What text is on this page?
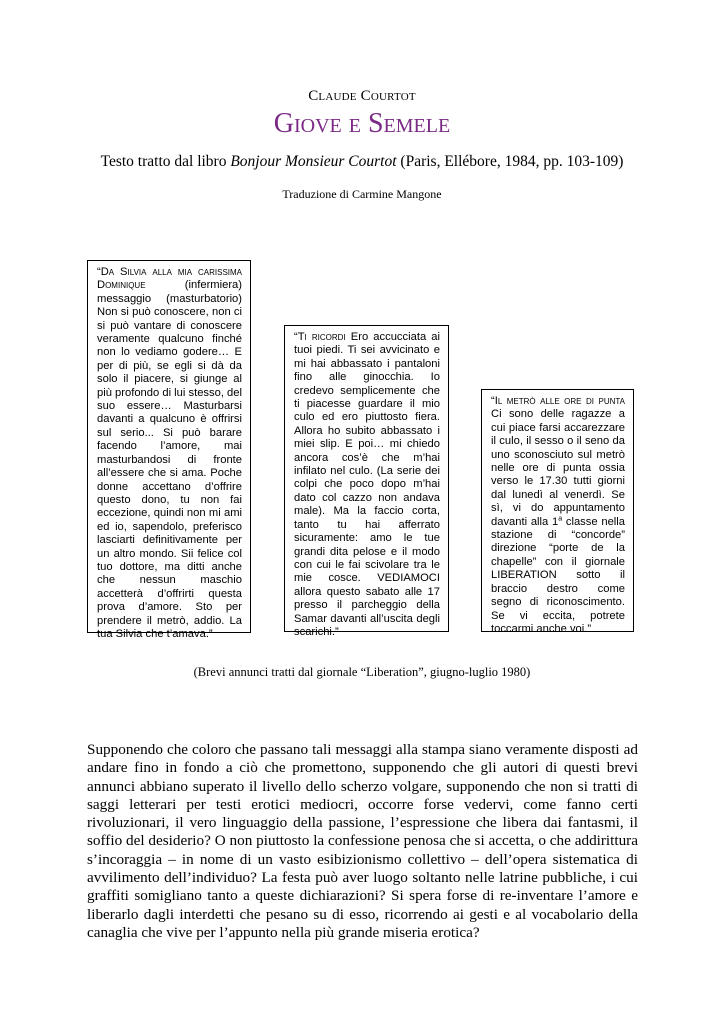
Claude Courtot
Giove e Semele
Testo tratto dal libro Bonjour Monsieur Courtot (Paris, Ellébore, 1984, pp. 103-109)
Traduzione di Carmine Mangone
“Da Silvia alla mia carissima Dominique (infermiera) messaggio (masturbatorio) Non si può conoscere, non ci si può vantare di conoscere veramente qualcuno finché non lo vediamo godere… E per di più, se egli si dà da solo il piacere, si giunge al più profondo di lui stesso, del suo essere… Masturbarsi davanti a qualcuno è offrirsi sul serio... Si può barare facendo l’amore, mai masturbandosi di fronte all’essere che si ama. Poche donne accettano d’offrire questo dono, tu non fai eccezione, quindi non mi ami ed io, sapendolo, preferisco lasciarti definitivamente per un altro mondo. Sii felice col tuo dottore, ma ditti anche che nessun maschio accetterà d’offrirti questa prova d’amore. Sto per prendere il metrò, addio. La tua Silvia che t’amava.”
“Ti ricordi Ero accucciata ai tuoi piedi. Ti sei avvicinato e mi hai abbassato i pantaloni fino alle ginocchia. Io credevo semplicemente che ti piacesse guardare il mio culo ed ero piuttosto fiera. Allora ho subito abbassato i miei slip. E poi… mi chiedo ancora cos’è che m’hai infilato nel culo. (La serie dei colpi che poco dopo m’hai dato col cazzo non andava male). Ma la faccio corta, tanto tu hai afferrato sicuramente: amo le tue grandi dita pelose e il modo con cui le fai scivolare tra le mie cosce. VEDIAMOCI allora questo sabato alle 17 presso il parcheggio della Samar davanti all’uscita degli scarichi.”
“Il metrò alle ore di punta Ci sono delle ragazze a cui piace farsi accarezzare il culo, il sesso o il seno da uno sconosciuto sul metrò nelle ore di punta ossia verso le 17.30 tutti giorni dal lunedì al venerdì. Se sì, vi do appuntamento davanti alla 1$^a$ classe nella stazione di “concorde” direzione “porte de la chapelle” con il giornale LIBERATION sotto il braccio destro come segno di riconoscimento. Se vi eccita, potrete toccarmi anche voi.”
(Brevi annunci tratti dal giornale “Liberation”, giugno-luglio 1980)
Supponendo che coloro che passano tali messaggi alla stampa siano veramente disposti ad andare fino in fondo a ciò che promettono, supponendo che gli autori di questi brevi annunci abbiano superato il livello dello scherzo volgare, supponendo che non si tratti di saggi letterari per testi erotici mediocri, occorre forse vedervi, come fanno certi rivoluzionari, il vero linguaggio della passione, l’espressione che libera dai fantasmi, il soffio del desiderio? O non piuttosto la confessione penosa che si accetta, o che addirittura s’incoraggia – in nome di un vasto esibizionismo collettivo – dell’opera sistematica di avvilimento dell’individuo? La festa può aver luogo soltanto nelle latrine pubbliche, i cui graffiti somigliano tanto a queste dichiarazioni? Si spera forse di re-inventare l’amore e liberarlo dagli interdetti che pesano su di esso, ricorrendo ai gesti e al vocabolario della canaglia che vive per l’appunto nella più grande miseria erotica?
